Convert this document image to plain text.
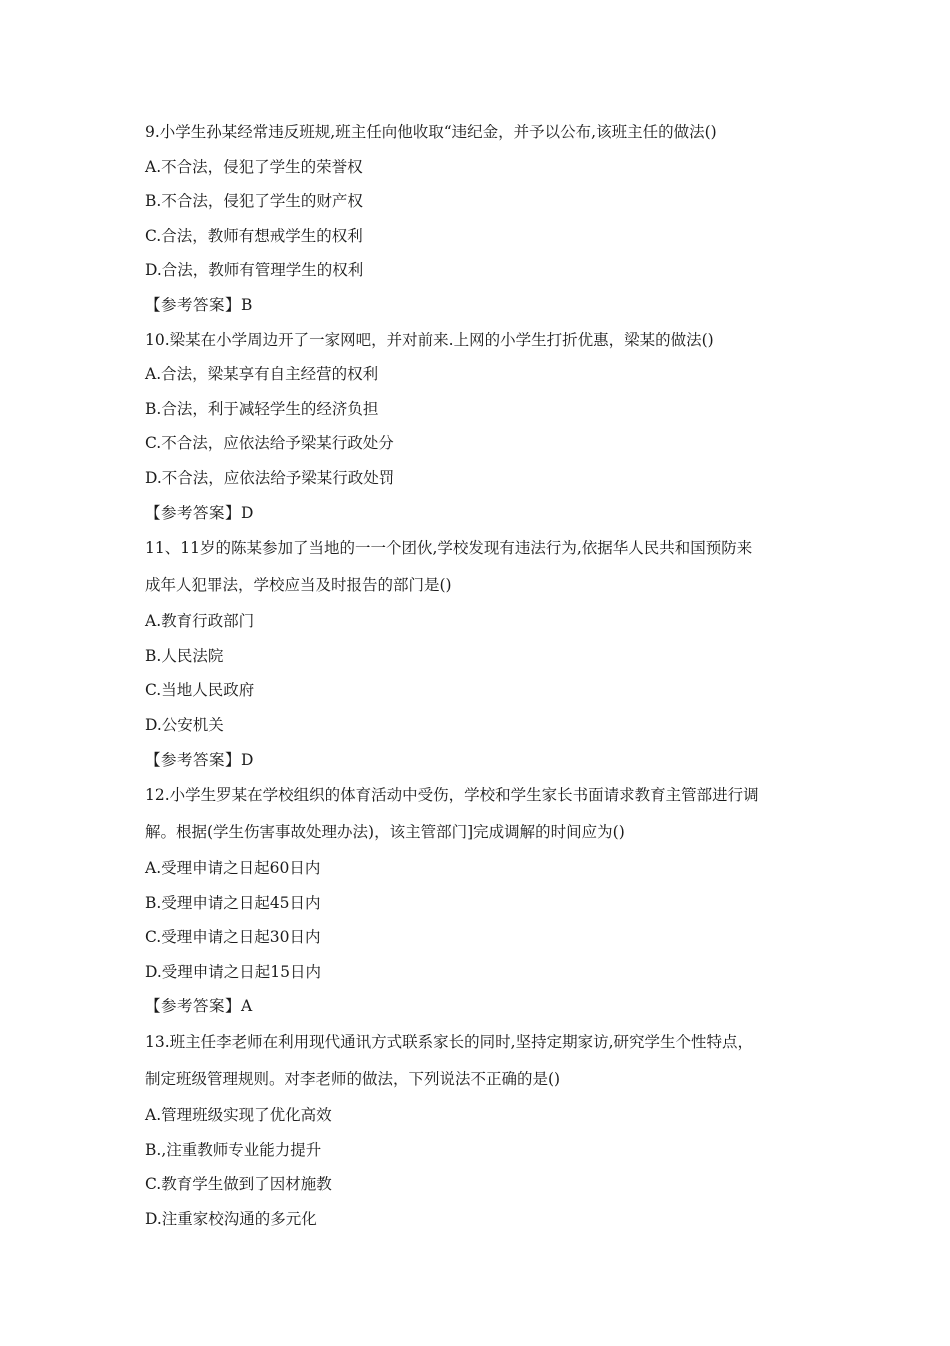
9.小学生孙某经常违反班规,班主任向他收取“违纪金，并予以公布,该班主任的做法()
A.不合法，侵犯了学生的荣誉权
B.不合法，侵犯了学生的财产权
C.合法，教师有想戒学生的权利
D.合法，教师有管理学生的权利
【参考答案】B
10.梁某在小学周边开了一家网吧，并对前来.上网的小学生打折优惠，梁某的做法()
A.合法，梁某享有自主经营的权利
B.合法，利于减轻学生的经济负担
C.不合法，应依法给予梁某行政处分
D.不合法，应依法给予梁某行政处罚
【参考答案】D
11、11岁的陈某参加了当地的一一个团伙,学校发现有违法行为,依据华人民共和国预防来
成年人犯罪法，学校应当及时报告的部门是()
A.教育行政部门
B.人民法院
C.当地人民政府
D.公安机关
【参考答案】D
12.小学生罗某在学校组织的体育活动中受伤，学校和学生家长书面请求教育主管部进行调
解。根据(学生伤害事故处理办法)，该主管部门]完成调解的时间应为()
A.受理申请之日起60日内
B.受理申请之日起45日内
C.受理申请之日起30日内
D.受理申请之日起15日内
【参考答案】A
13.班主任李老师在利用现代通讯方式联系家长的同时,坚持定期家访,研究学生个性特点，
制定班级管理规则。对李老师的做法，下列说法不正确的是()
A.管理班级实现了优化高效
B.,注重教师专业能力提升
C.教育学生做到了因材施教
D.注重家校沟通的多元化
